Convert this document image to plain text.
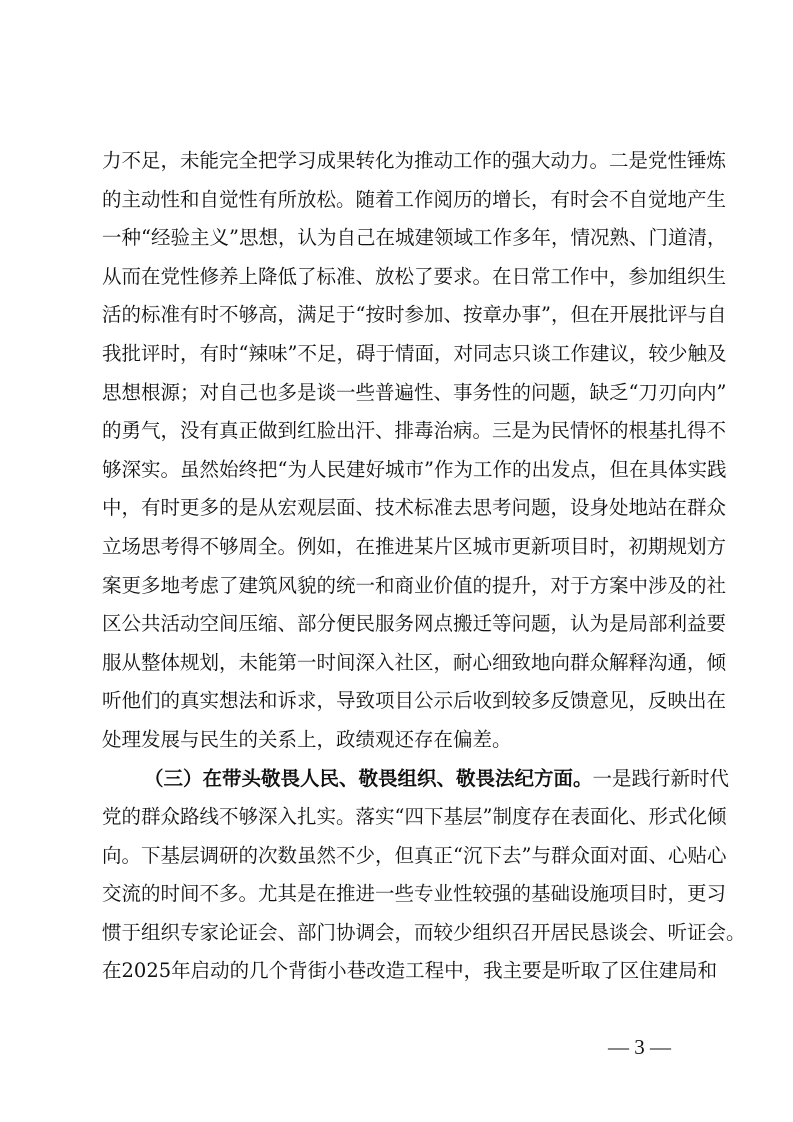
力不足，未能完全把学习成果转化为推动工作的强大动力。二是党性锤炼
的主动性和自觉性有所放松。随着工作阅历的增长，有时会不自觉地产生
一种“经验主义”思想，认为自己在城建领域工作多年，情况熟、门道清，
从而在党性修养上降低了标准、放松了要求。在日常工作中，参加组织生
活的标准有时不够高，满足于“按时参加、按章办事”，但在开展批评与自
我批评时，有时“辣味”不足，碍于情面，对同志只谈工作建议，较少触及
思想根源；对自己也多是谈一些普遍性、事务性的问题，缺乏“刀刃向内”
的勇气，没有真正做到红脸出汗、排毒治病。三是为民情怀的根基扎得不
够深实。虽然始终把“为人民建好城市”作为工作的出发点，但在具体实践
中，有时更多的是从宏观层面、技术标准去思考问题，设身处地站在群众
立场思考得不够周全。例如，在推进某片区城市更新项目时，初期规划方
案更多地考虑了建筑风貌的统一和商业价值的提升，对于方案中涉及的社
区公共活动空间压缩、部分便民服务网点搬迁等问题，认为是局部利益要
服从整体规划，未能第一时间深入社区，耐心细致地向群众解释沟通，倾
听他们的真实想法和诉求，导致项目公示后收到较多反馈意见，反映出在
处理发展与民生的关系上，政绩观还存在偏差。
（三）在带头敬畏人民、敬畏组织、敬畏法纪方面。一是践行新时代
党的群众路线不够深入扎实。落实“四下基层”制度存在表面化、形式化倾
向。下基层调研的次数虽然不少，但真正“沉下去”与群众面对面、心贴心
交流的时间不多。尤其是在推进一些专业性较强的基础设施项目时，更习
惯于组织专家论证会、部门协调会，而较少组织召开居民恳谈会、听证会。
在2025年启动的几个背街小巷改造工程中，我主要是听取了区住建局和
— 3 —
